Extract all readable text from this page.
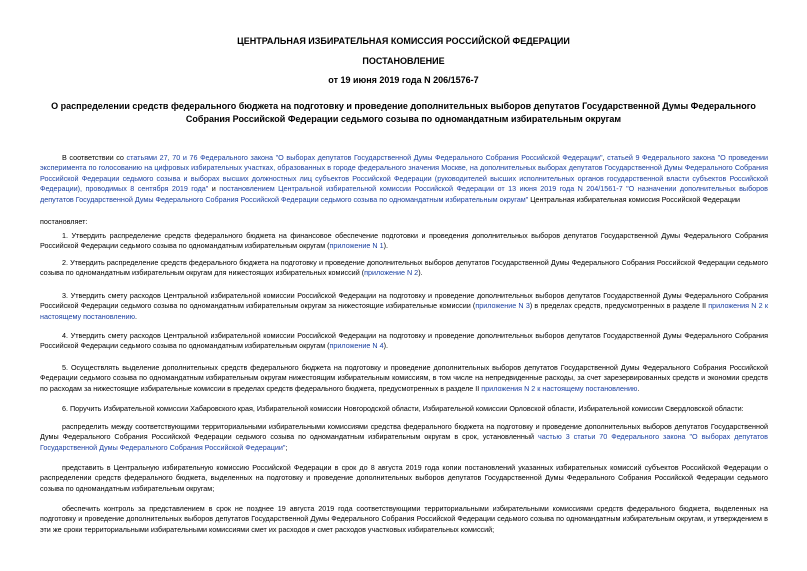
ЦЕНТРАЛЬНАЯ ИЗБИРАТЕЛЬНАЯ КОМИССИЯ РОССИЙСКОЙ ФЕДЕРАЦИИ
ПОСТАНОВЛЕНИЕ
от 19 июня 2019 года N 206/1576-7
О распределении средств федерального бюджета на подготовку и проведение дополнительных выборов депутатов Государственной Думы Федерального Собрания Российской Федерации седьмого созыва по одномандатным избирательным округам
В соответствии со статьями 27, 70 и 76 Федерального закона "О выборах депутатов Государственной Думы Федерального Собрания Российской Федерации", статьей 9 Федерального закона "О проведении эксперимента по голосованию на цифровых избирательных участках, образованных в городе федерального значения Москве, на дополнительных выборах депутатов Государственной Думы Федерального Собрания Российской Федерации седьмого созыва и выборах высших должностных лиц субъектов Российской Федерации (руководителей высших исполнительных органов государственной власти субъектов Российской Федерации), проводимых 8 сентября 2019 года" и постановлением Центральной избирательной комиссии Российской Федерации от 13 июня 2019 года N 204/1561-7 "О назначении дополнительных выборов депутатов Государственной Думы Федерального Собрания Российской Федерации седьмого созыва по одномандатным избирательным округам" Центральная избирательная комиссия Российской Федерации
постановляет:
1. Утвердить распределение средств федерального бюджета на финансовое обеспечение подготовки и проведения дополнительных выборов депутатов Государственной Думы Федерального Собрания Российской Федерации седьмого созыва по одномандатным избирательным округам (приложение N 1).
2. Утвердить распределение средств федерального бюджета на подготовку и проведение дополнительных выборов депутатов Государственной Думы Федерального Собрания Российской Федерации седьмого созыва по одномандатным избирательным округам для нижестоящих избирательных комиссий (приложение N 2).
3. Утвердить смету расходов Центральной избирательной комиссии Российской Федерации на подготовку и проведение дополнительных выборов депутатов Государственной Думы Федерального Собрания Российской Федерации седьмого созыва по одномандатным избирательным округам за нижестоящие избирательные комиссии (приложение N 3) в пределах средств, предусмотренных в разделе II приложения N 2 к настоящему постановлению.
4. Утвердить смету расходов Центральной избирательной комиссии Российской Федерации на подготовку и проведение дополнительных выборов депутатов Государственной Думы Федерального Собрания Российской Федерации седьмого созыва по одномандатным избирательным округам (приложение N 4).
5. Осуществлять выделение дополнительных средств федерального бюджета на подготовку и проведение дополнительных выборов депутатов Государственной Думы Федерального Собрания Российской Федерации седьмого созыва по одномандатным избирательным округам нижестоящим избирательным комиссиям, в том числе на непредвиденные расходы, за счет зарезервированных средств и экономии средств по расходам за нижестоящие избирательные комиссии в пределах средств федерального бюджета, предусмотренных в разделе II приложения N 2 к настоящему постановлению.
6. Поручить Избирательной комиссии Хабаровского края, Избирательной комиссии Новгородской области, Избирательной комиссии Орловской области, Избирательной комиссии Свердловской области:
распределить между соответствующими территориальными избирательными комиссиями средства федерального бюджета на подготовку и проведение дополнительных выборов депутатов Государственной Думы Федерального Собрания Российской Федерации седьмого созыва по одномандатным избирательным округам в срок, установленный частью 3 статьи 70 Федерального закона "О выборах депутатов Государственной Думы Федерального Собрания Российской Федерации";
представить в Центральную избирательную комиссию Российской Федерации в срок до 8 августа 2019 года копии постановлений указанных избирательных комиссий субъектов Российской Федерации о распределении средств федерального бюджета, выделенных на подготовку и проведение дополнительных выборов депутатов Государственной Думы Федерального Собрания Российской Федерации седьмого созыва по одномандатным избирательным округам;
обеспечить контроль за представлением в срок не позднее 19 августа 2019 года соответствующими территориальными избирательными комиссиями средств федерального бюджета, выделенных на подготовку и проведение дополнительных выборов депутатов Государственной Думы Федерального Собрания Российской Федерации седьмого созыва по одномандатным избирательным округам, и утверждением в эти же сроки территориальными избирательными комиссиями смет их расходов и смет расходов участковых избирательных комиссий;
